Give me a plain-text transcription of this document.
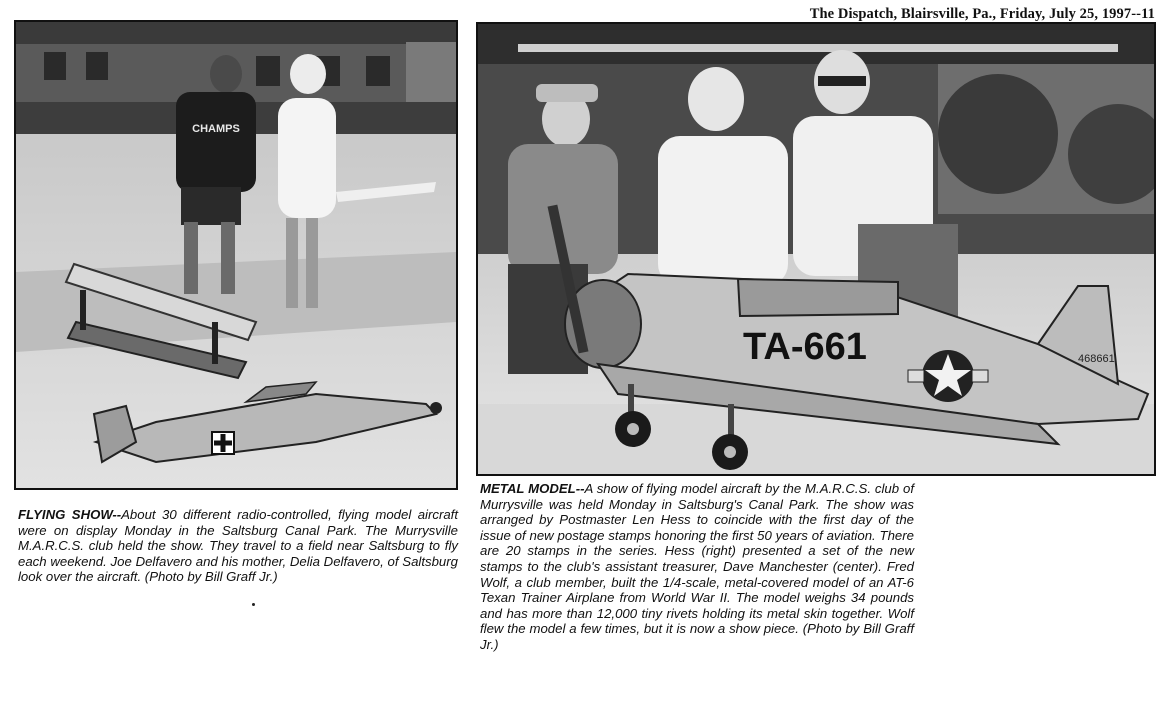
The Dispatch, Blairsville, Pa., Friday, July 25, 1997--11
CHAMPS
468661
TA-661
FLYING SHOW--About 30 different radio-controlled, flying model aircraft were on display Monday in the Saltsburg Canal Park. The Murrysville M.A.R.C.S. club held the show. They travel to a field near Saltsburg to fly each weekend. Joe Delfavero and his mother, Delia Delfavero, of Saltsburg look over the aircraft. (Photo by Bill Graff Jr.)
METAL MODEL--A show of flying model aircraft by the M.A.R.C.S. club of Murrysville was held Monday in Saltsburg's Canal Park. The show was arranged by Postmaster Len Hess to coincide with the first day of the issue of new postage stamps honoring the first 50 years of aviation. There are 20 stamps in the series. Hess (right) presented a set of the new stamps to the club's assistant treasurer, Dave Manchester (center). Fred Wolf, a club member, built the 1/4-scale, metal-covered model of an AT-6 Texan Trainer Airplane from World War II. The model weighs 34 pounds and has more than 12,000 tiny rivets holding its metal skin together. Wolf flew the model a few times, but it is now a show piece. (Photo by Bill Graff Jr.)
